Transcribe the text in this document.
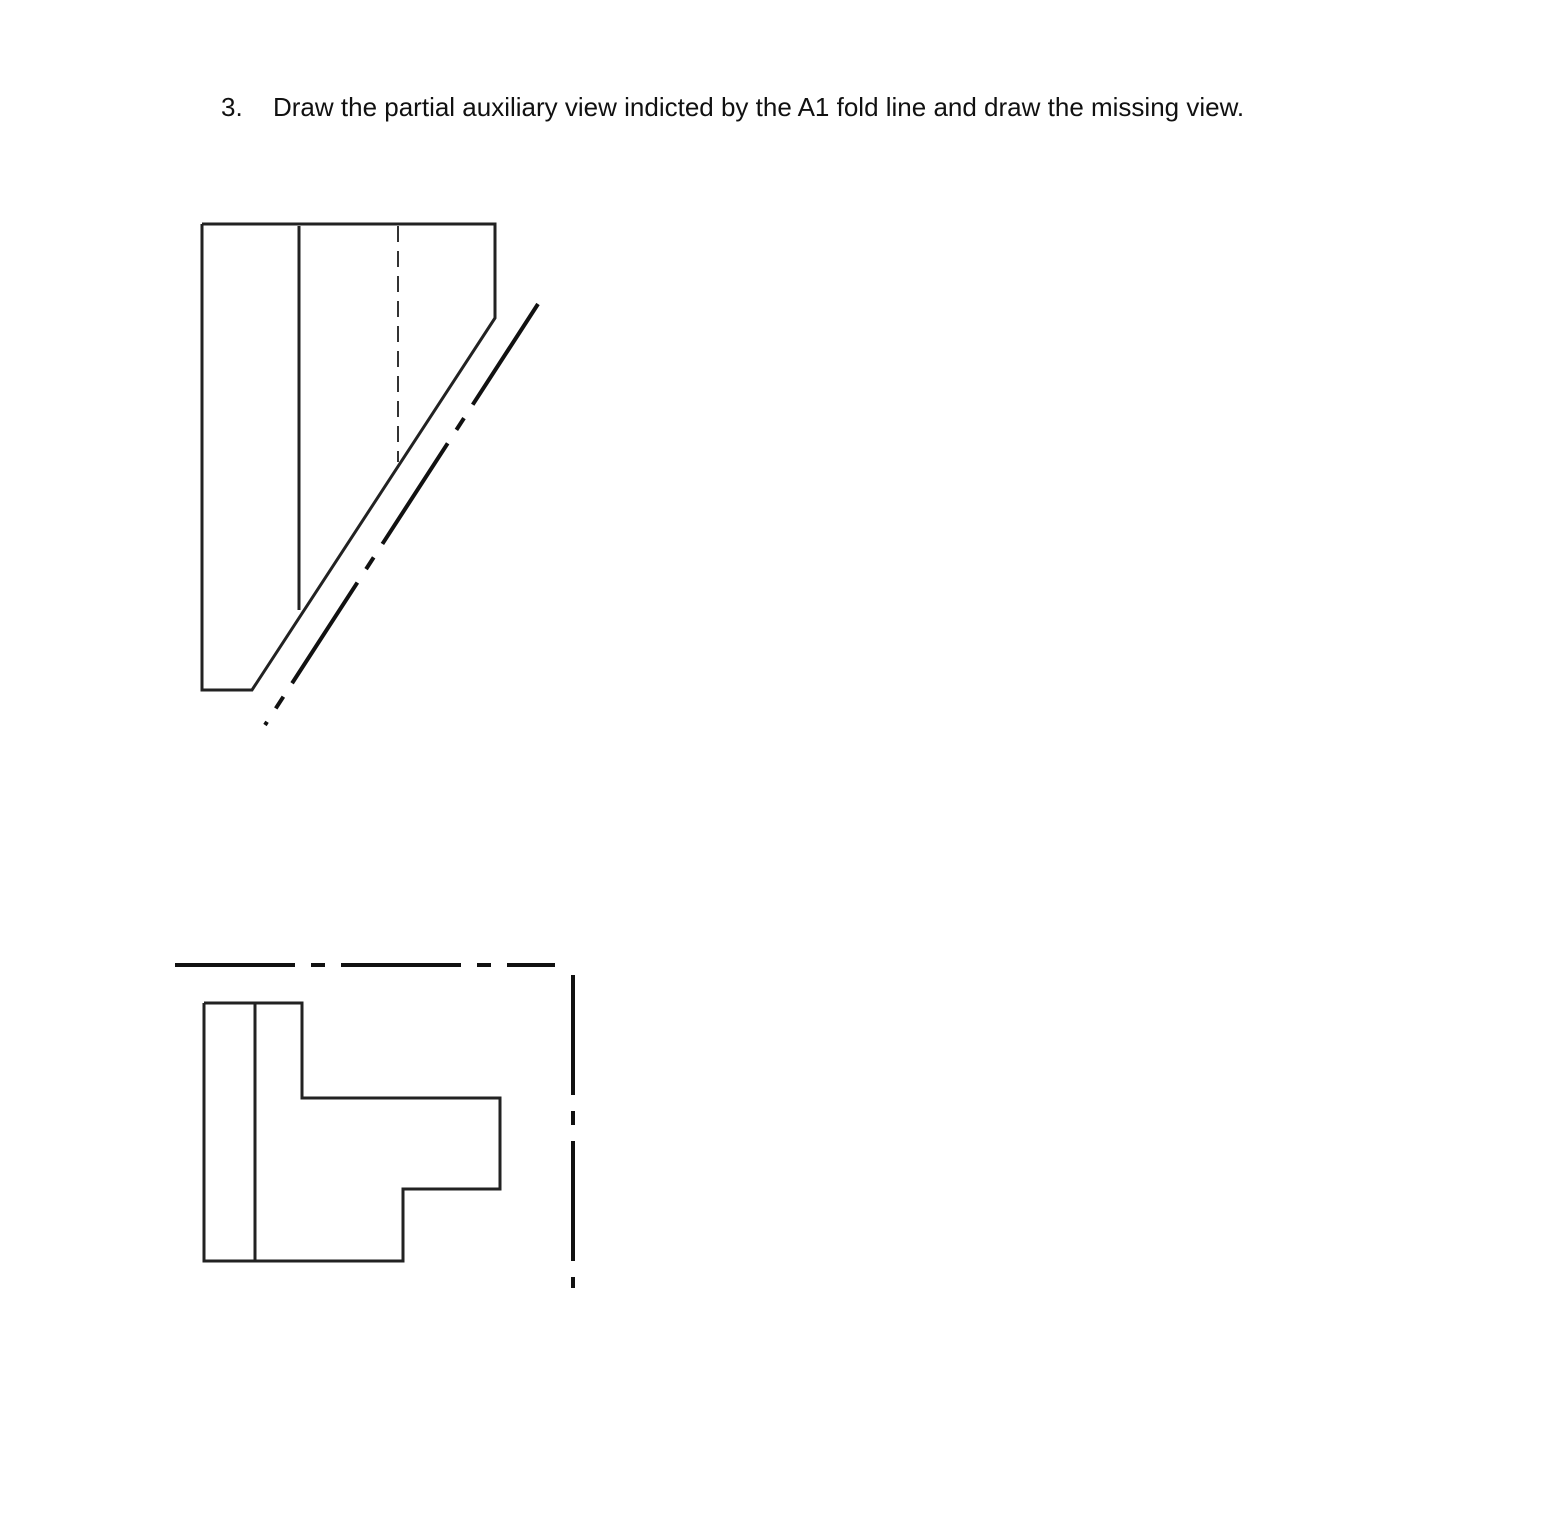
3. Draw the partial auxiliary view indicted by the A1 fold line and draw the missing view.
